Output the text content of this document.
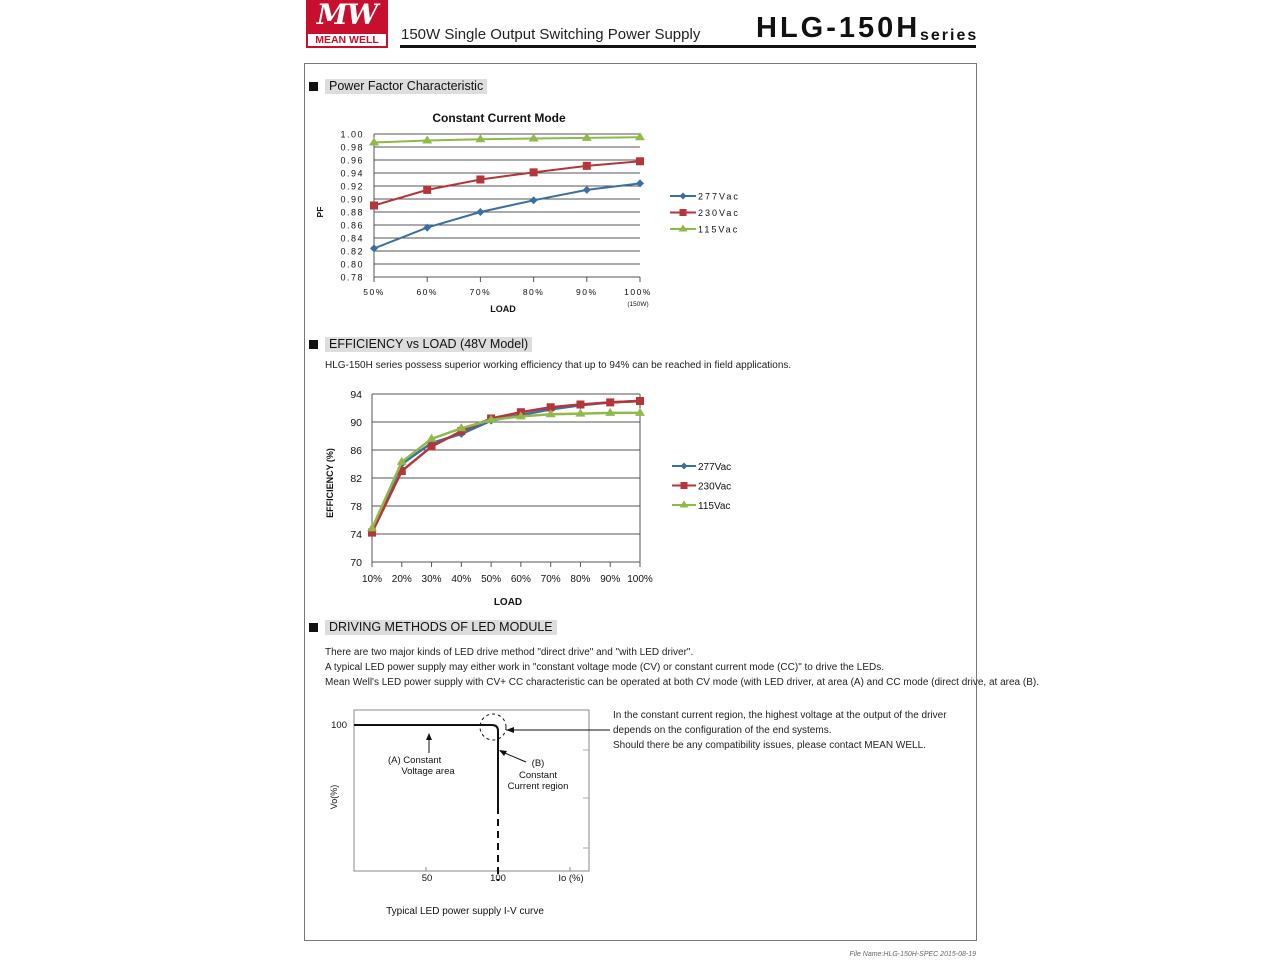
MW
MEAN WELL	150W Single Output Switching Power Supply HLG-150H series
Power Factor Characteristic
EFFICIENCY vs LOAD (48V Model)
DRIVING METHODS OF LED MODULE
HLG-150H series possess superior working efficiency that up to 94% can be reached in field applications.
There are two major kinds of LED drive method "direct drive" and "with LED driver".
A typical LED power supply may either work in "constant voltage mode (CV) or constant current mode (CC)" to drive the LEDs.
Mean Well's LED power supply with CV+ CC characteristic can be operated at both CV mode (with LED driver, at area (A) and CC mode (direct drive, at area (B).
In the constant current region, the highest voltage at the output of the driver
depends on the configuration of the end systems.
Should there be any compatibility issues, please contact MEAN WELL.
File Name:HLG-150H-SPEC 2015-08-19
Constant Current Mode
1.00
0.98
0.96
0.94
0.92
0.90
0.88
0.86
0.84
0.82
0.80
0.78
50%	60%	70%	80%	90%	100%
(150W)
LOAD
PF
277Vac
230Vac
115Vac
94
90
86
82
78
74
70
10% 20% 30% 40% 50% 60% 70% 80% 90% 100%
LOAD
EFFICIENCY (%)	277Vac
230Vac
115Vac
(A) Constant
Voltage area
(B)
Constant
Current region
100
Vo(%)
50	100	Io (%)
Typical LED power supply I-V curve
